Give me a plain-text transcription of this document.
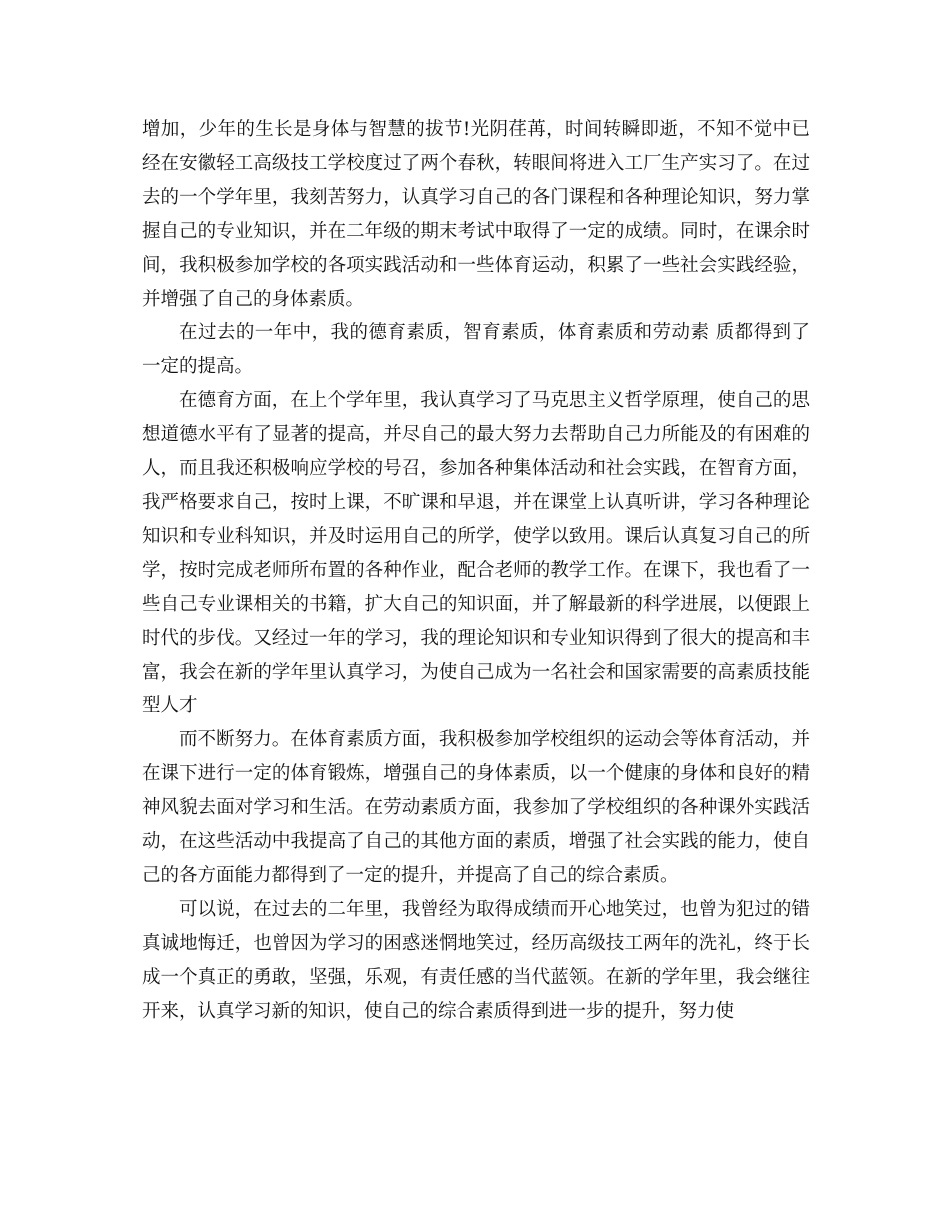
增加，少年的生长是身体与智慧的拔节!光阴荏苒，时间转瞬即逝，不知不觉中已经在安徽轻工高级技工学校度过了两个春秋，转眼间将进入工厂生产实习了。在过去的一个学年里，我刻苦努力，认真学习自己的各门课程和各种理论知识，努力掌握自己的专业知识，并在二年级的期末考试中取得了一定的成绩。同时，在课余时间，我积极参加学校的各项实践活动和一些体育运动，积累了一些社会实践经验，并增强了自己的身体素质。

在过去的一年中，我的德育素质，智育素质，体育素质和劳动素 质都得到了一定的提高。

在德育方面，在上个学年里，我认真学习了马克思主义哲学原理，使自己的思想道德水平有了显著的提高，并尽自己的最大努力去帮助自己力所能及的有困难的人，而且我还积极响应学校的号召，参加各种集体活动和社会实践，在智育方面，我严格要求自己，按时上课，不旷课和早退，并在课堂上认真听讲，学习各种理论知识和专业科知识，并及时运用自己的所学，使学以致用。课后认真复习自己的所学，按时完成老师所布置的各种作业，配合老师的教学工作。在课下，我也看了一些自己专业课相关的书籍，扩大自己的知识面，并了解最新的科学进展，以便跟上时代的步伐。又经过一年的学习，我的理论知识和专业知识得到了很大的提高和丰富，我会在新的学年里认真学习，为使自己成为一名社会和国家需要的高素质技能型人才

而不断努力。在体育素质方面，我积极参加学校组织的运动会等体育活动，并在课下进行一定的体育锻炼，增强自己的身体素质，以一个健康的身体和良好的精神风貌去面对学习和生活。在劳动素质方面，我参加了学校组织的各种课外实践活动，在这些活动中我提高了自己的其他方面的素质，增强了社会实践的能力，使自己的各方面能力都得到了一定的提升，并提高了自己的综合素质。

可以说，在过去的二年里，我曾经为取得成绩而开心地笑过，也曾为犯过的错真诚地悔迁，也曾因为学习的困惑迷惘地笑过，经历高级技工两年的洗礼，终于长成一个真正的勇敢，坚强，乐观，有责任感的当代蓝领。在新的学年里，我会继往开来，认真学习新的知识，使自己的综合素质得到进一步的提升，努力使
